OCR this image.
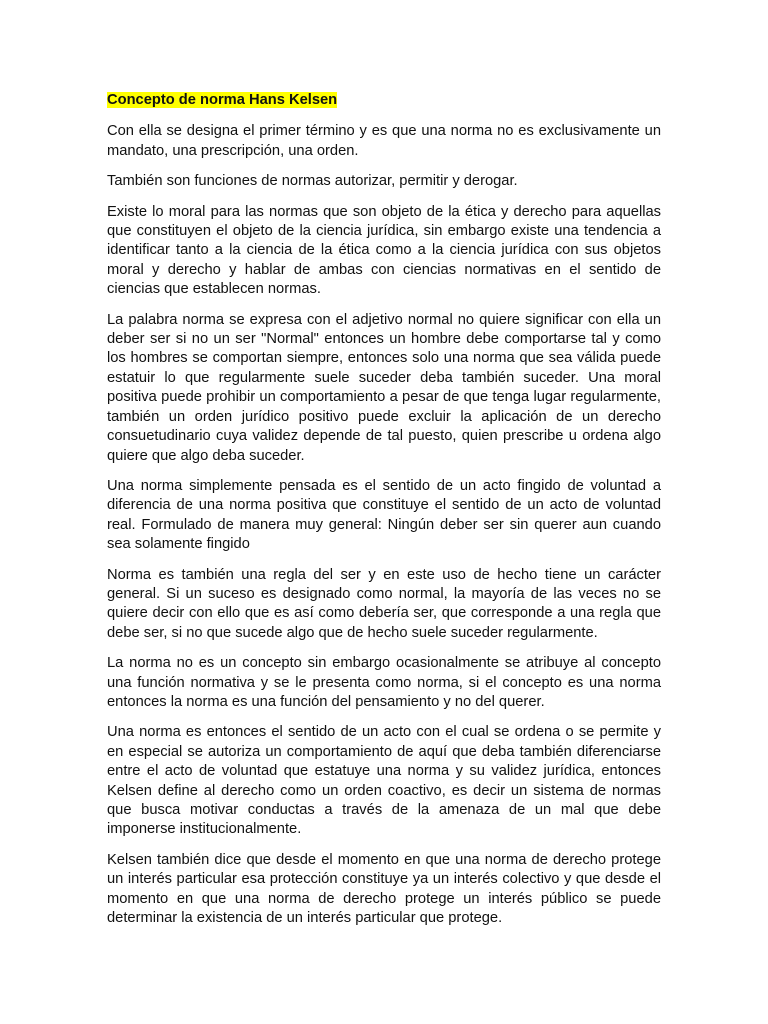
Concepto de norma Hans Kelsen

Con ella se designa el primer término y es que una norma no es exclusivamente un mandato, una prescripción, una orden.

También son funciones de normas autorizar, permitir y derogar.

Existe lo moral para las normas que son objeto de la ética y derecho para aquellas que constituyen el objeto de la ciencia jurídica, sin embargo existe una tendencia a identificar tanto a la ciencia de la ética como a la ciencia jurídica con sus objetos moral y derecho y hablar de ambas con ciencias normativas en el sentido de ciencias que establecen normas.

La palabra norma se expresa con el adjetivo normal no quiere significar con ella un deber ser si no un ser "Normal" entonces un hombre debe comportarse tal y como los hombres se comportan siempre, entonces solo una norma que sea válida puede estatuir lo que regularmente suele suceder deba también suceder. Una moral positiva puede prohibir un comportamiento a pesar de que tenga lugar regularmente, también un orden jurídico positivo puede excluir la aplicación de un derecho consuetudinario cuya validez depende de tal puesto, quien prescribe u ordena algo quiere que algo deba suceder.

Una norma simplemente pensada es el sentido de un acto fingido de voluntad a diferencia de una norma positiva que constituye el sentido de un acto de voluntad real. Formulado de manera muy general: Ningún deber ser sin querer aun cuando sea solamente fingido

Norma es también una regla del ser y en este uso de hecho tiene un carácter general. Si un suceso es designado como normal, la mayoría de las veces no se quiere decir con ello que es así como debería ser, que corresponde a una regla que debe ser, si no que sucede algo que de hecho suele suceder regularmente.

La norma no es un concepto sin embargo ocasionalmente se atribuye al concepto una función normativa y se le presenta como norma, si el concepto es una norma entonces la norma es una función del pensamiento y no del querer.

Una norma es entonces el sentido de un acto con el cual se ordena o se permite y en especial se autoriza un comportamiento de aquí que deba también diferenciarse entre el acto de voluntad que estatuye una norma y su validez jurídica, entonces Kelsen define al derecho como un orden coactivo, es decir un sistema de normas que busca motivar conductas a través de la amenaza de un mal que debe imponerse institucionalmente.

Kelsen también dice que desde el momento en que una norma de derecho protege un interés particular esa protección constituye ya un interés colectivo y que desde el momento en que una norma de derecho protege un interés público se puede determinar la existencia de un interés particular que protege.
